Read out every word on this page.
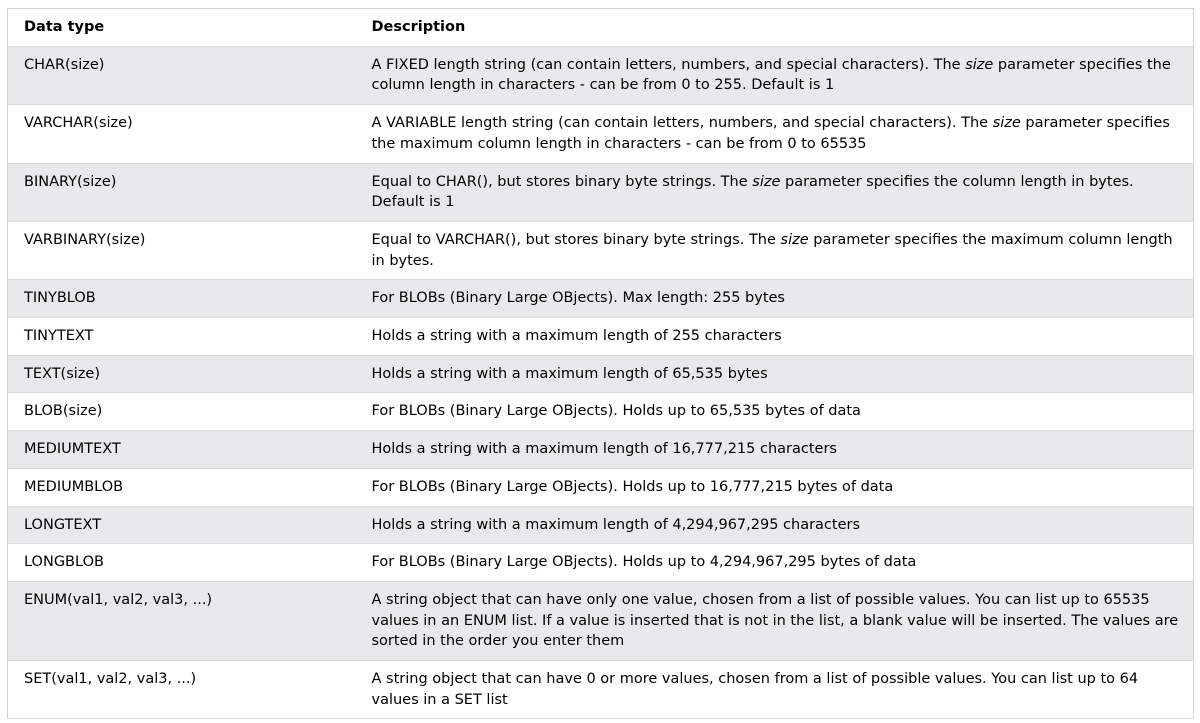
Data type	Description
CHAR(size)	A FIXED length string (can contain letters, numbers, and special characters). The size parameter specifies the column length in characters - can be from 0 to 255. Default is 1
VARCHAR(size)	A VARIABLE length string (can contain letters, numbers, and special characters). The size parameter specifies the maximum column length in characters - can be from 0 to 65535
BINARY(size)	Equal to CHAR(), but stores binary byte strings. The size parameter specifies the column length in bytes. Default is 1
VARBINARY(size)	Equal to VARCHAR(), but stores binary byte strings. The size parameter specifies the maximum column length in bytes.
TINYBLOB	For BLOBs (Binary Large OBjects). Max length: 255 bytes
TINYTEXT	Holds a string with a maximum length of 255 characters
TEXT(size)	Holds a string with a maximum length of 65,535 bytes
BLOB(size)	For BLOBs (Binary Large OBjects). Holds up to 65,535 bytes of data
MEDIUMTEXT	Holds a string with a maximum length of 16,777,215 characters
MEDIUMBLOB	For BLOBs (Binary Large OBjects). Holds up to 16,777,215 bytes of data
LONGTEXT	Holds a string with a maximum length of 4,294,967,295 characters
LONGBLOB	For BLOBs (Binary Large OBjects). Holds up to 4,294,967,295 bytes of data
ENUM(val1, val2, val3, ...)	A string object that can have only one value, chosen from a list of possible values. You can list up to 65535 values in an ENUM list. If a value is inserted that is not in the list, a blank value will be inserted. The values are sorted in the order you enter them
SET(val1, val2, val3, ...)	A string object that can have 0 or more values, chosen from a list of possible values. You can list up to 64 values in a SET list
